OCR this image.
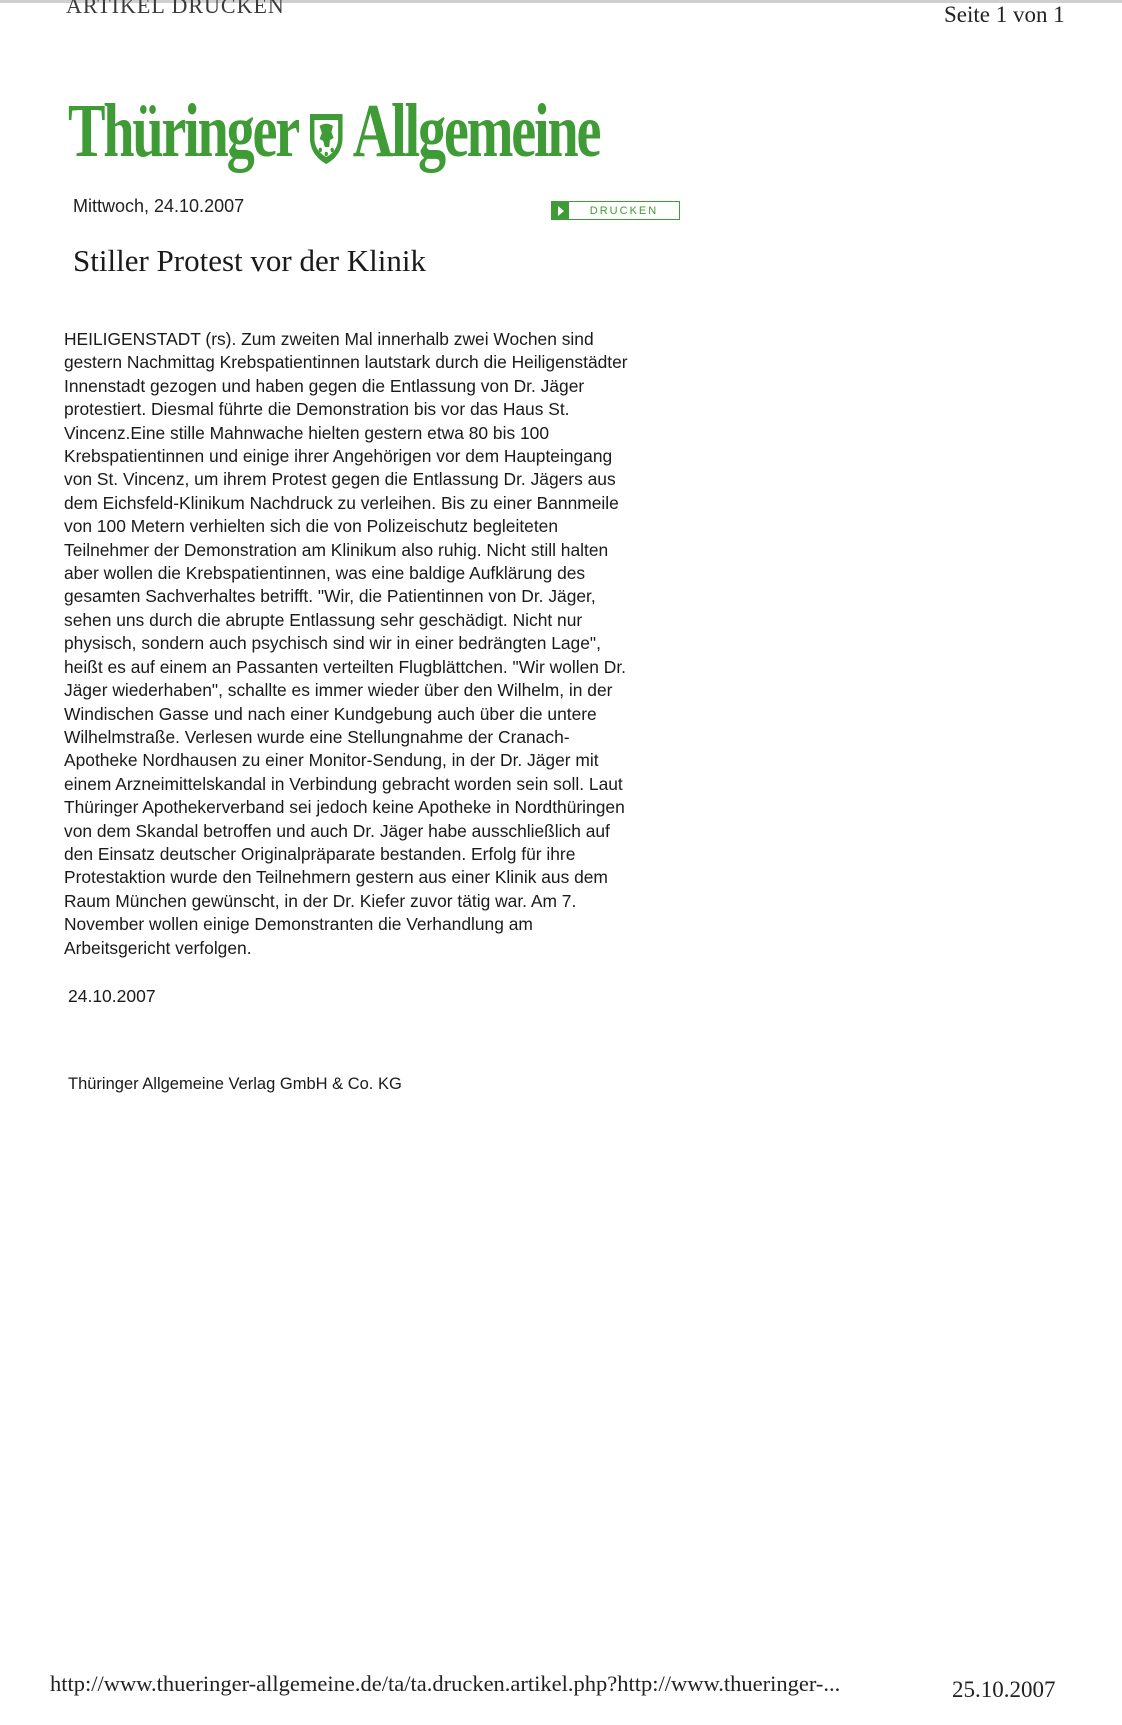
ARTIKEL DRUCKEN	Seite 1 von 1
Thüringer Allgemeine
Mittwoch, 24.10.2007	DRUCKEN
Stiller Protest vor der Klinik
HEILIGENSTADT (rs). Zum zweiten Mal innerhalb zwei Wochen sind
gestern Nachmittag Krebspatientinnen lautstark durch die Heiligenstädter
Innenstadt gezogen und haben gegen die Entlassung von Dr. Jäger
protestiert. Diesmal führte die Demonstration bis vor das Haus St.
Vincenz.Eine stille Mahnwache hielten gestern etwa 80 bis 100
Krebspatientinnen und einige ihrer Angehörigen vor dem Haupteingang
von St. Vincenz, um ihrem Protest gegen die Entlassung Dr. Jägers aus
dem Eichsfeld-Klinikum Nachdruck zu verleihen. Bis zu einer Bannmeile
von 100 Metern verhielten sich die von Polizeischutz begleiteten
Teilnehmer der Demonstration am Klinikum also ruhig. Nicht still halten
aber wollen die Krebspatientinnen, was eine baldige Aufklärung des
gesamten Sachverhaltes betrifft. "Wir, die Patientinnen von Dr. Jäger,
sehen uns durch die abrupte Entlassung sehr geschädigt. Nicht nur
physisch, sondern auch psychisch sind wir in einer bedrängten Lage",
heißt es auf einem an Passanten verteilten Flugblättchen. "Wir wollen Dr.
Jäger wiederhaben", schallte es immer wieder über den Wilhelm, in der
Windischen Gasse und nach einer Kundgebung auch über die untere
Wilhelmstraße. Verlesen wurde eine Stellungnahme der Cranach-
Apotheke Nordhausen zu einer Monitor-Sendung, in der Dr. Jäger mit
einem Arzneimittelskandal in Verbindung gebracht worden sein soll. Laut
Thüringer Apothekerverband sei jedoch keine Apotheke in Nordthüringen
von dem Skandal betroffen und auch Dr. Jäger habe ausschließlich auf
den Einsatz deutscher Originalpräparate bestanden. Erfolg für ihre
Protestaktion wurde den Teilnehmern gestern aus einer Klinik aus dem
Raum München gewünscht, in der Dr. Kiefer zuvor tätig war. Am 7.
November wollen einige Demonstranten die Verhandlung am
Arbeitsgericht verfolgen.
24.10.2007
Thüringer Allgemeine Verlag GmbH & Co. KG
http://www.thueringer-allgemeine.de/ta/ta.drucken.artikel.php?http://www.thueringer-...	25.10.2007
